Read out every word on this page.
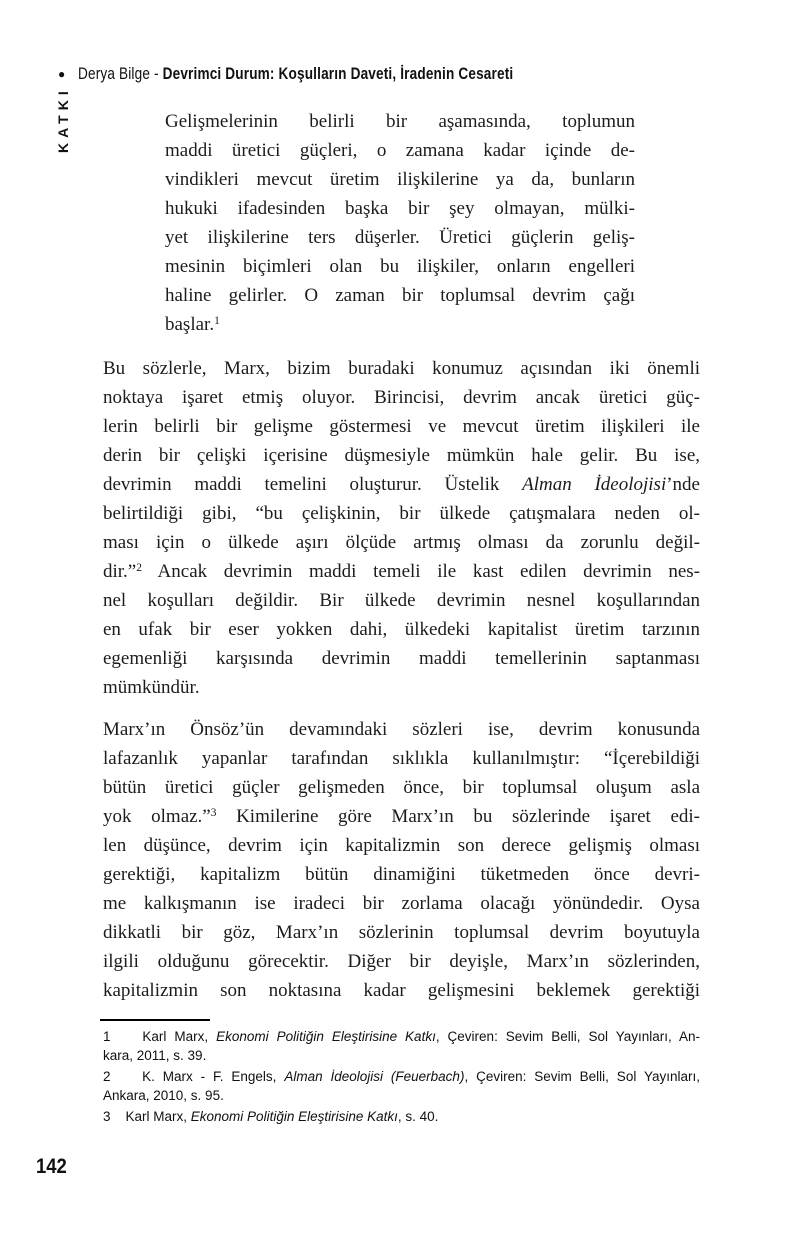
● Derya Bilge - Devrimci Durum: Koşulların Daveti, İradenin Cesareti
KATKI	Gelişmelerinin belirli bir aşamasında, toplumun
maddi üretici güçleri, o zamana kadar içinde de-
vindikleri mevcut üretim ilişkilerine ya da, bunların
hukuki ifadesinden başka bir şey olmayan, mülki-
yet ilişkilerine ters düşerler. Üretici güçlerin geliş-
mesinin biçimleri olan bu ilişkiler, onların engelleri
haline gelirler. O zaman bir toplumsal devrim çağı
başlar.$^1$
Bu sözlerle, Marx, bizim buradaki konumuz açısından iki önemli
noktaya işaret etmiş oluyor. Birincisi, devrim ancak üretici güç-
lerin belirli bir gelişme göstermesi ve mevcut üretim ilişkileri ile
derin bir çelişki içerisine düşmesiyle mümkün hale gelir. Bu ise,
devrimin maddi temelini oluşturur. Üstelik Alman İdeolojisi’nde
belirtildiği gibi, “bu çelişkinin, bir ülkede çatışmalara neden ol-
ması için o ülkede aşırı ölçüde artmış olması da zorunlu değil-
dir.”$^2$ Ancak devrimin maddi temeli ile kast edilen devrimin nes-
nel koşulları değildir. Bir ülkede devrimin nesnel koşullarından
en ufak bir eser yokken dahi, ülkedeki kapitalist üretim tarzının
egemenliği karşısında devrimin maddi temellerinin saptanması
mümkündür.
Marx’ın Önsöz’ün devamındaki sözleri ise, devrim konusunda
lafazanlık yapanlar tarafından sıklıkla kullanılmıştır: “İçerebildiği
bütün üretici güçler gelişmeden önce, bir toplumsal oluşum asla
yok olmaz.”$^3$ Kimilerine göre Marx’ın bu sözlerinde işaret edi-
len düşünce, devrim için kapitalizmin son derece gelişmiş olması
gerektiği, kapitalizm bütün dinamiğini tüketmeden önce devri-
me kalkışmanın ise iradeci bir zorlama olacağı yönündedir. Oysa
dikkatli bir göz, Marx’ın sözlerinin toplumsal devrim boyutuyla
ilgili olduğunu görecektir. Diğer bir deyişle, Marx’ın sözlerinden,
kapitalizmin son noktasına kadar gelişmesini beklemek gerektiği
1    Karl Marx, Ekonomi Politiğin Eleştirisine Katkı, Çeviren: Sevim Belli, Sol Yayınları, An-
kara, 2011, s. 39.
2    K. Marx - F. Engels, Alman İdeolojisi (Feuerbach), Çeviren: Sevim Belli, Sol Yayınları,
Ankara, 2010, s. 95.
3    Karl Marx, Ekonomi Politiğin Eleştirisine Katkı, s. 40.
142
